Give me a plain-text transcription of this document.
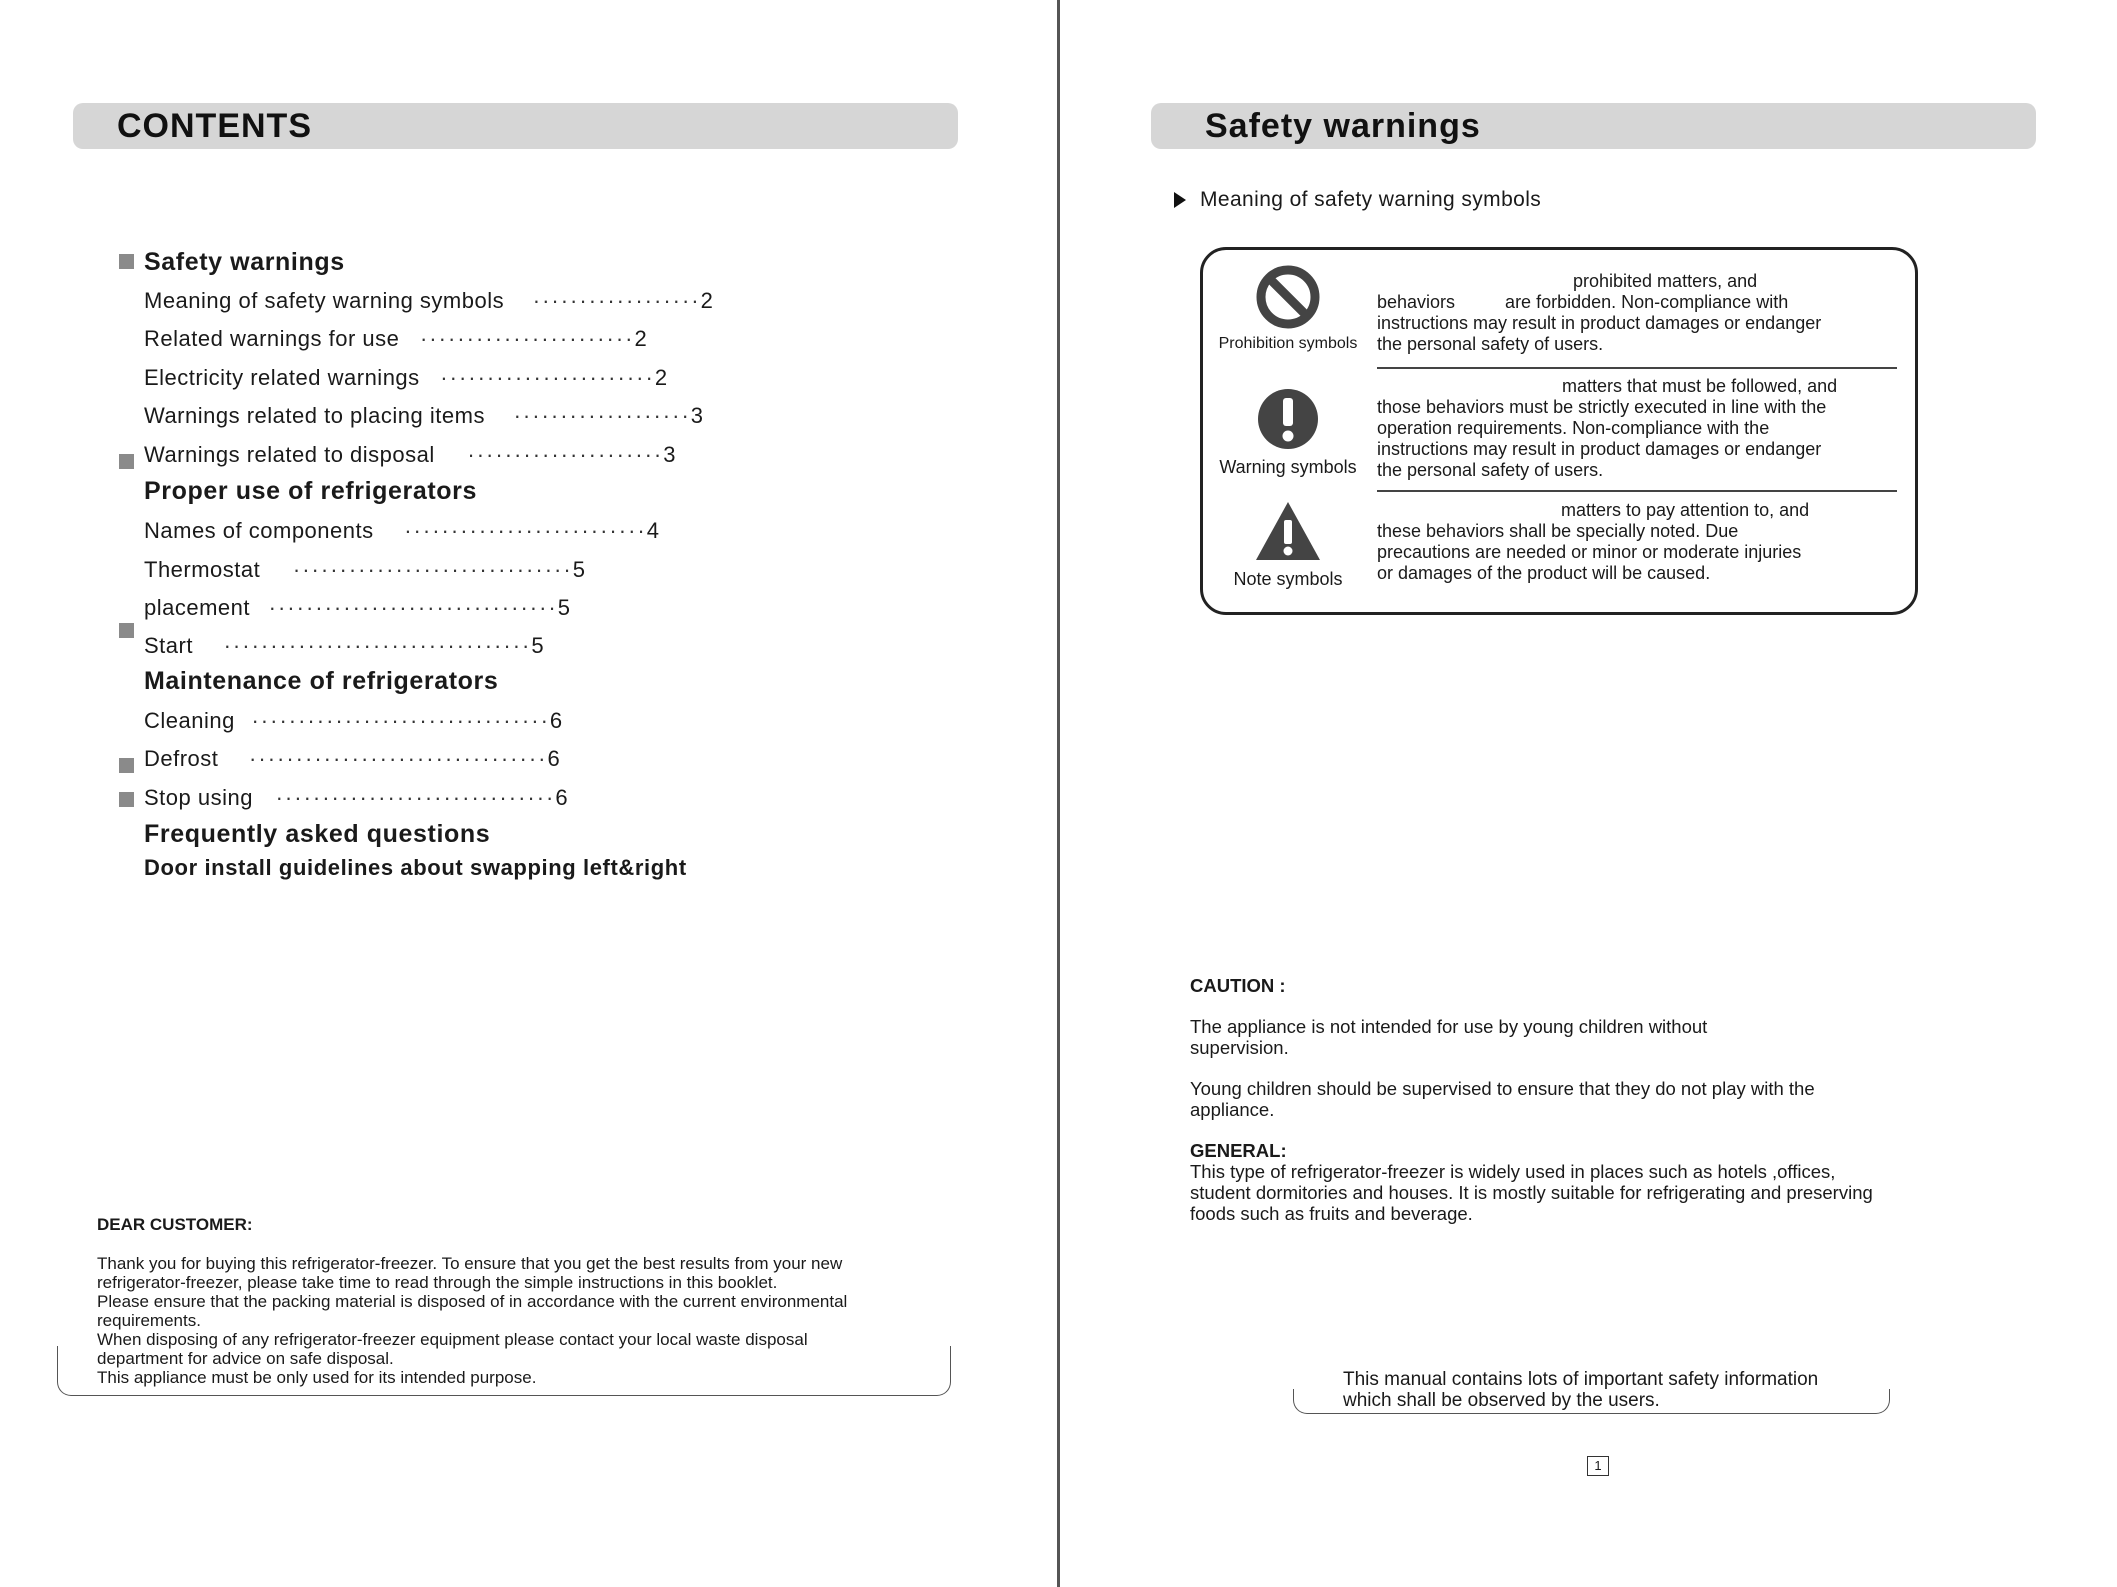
CONTENTS
Safety warnings
Meaning of safety warning symbols ··················2
Related warnings for use ·······················2
Electricity related warnings ·······················2
Warnings related to placing items ···················3
Warnings related to disposal ·····················3
Proper use of refrigerators
Names of components ··························4
Thermostat ······························5
placement ·······························5
Start ·································5
Maintenance of refrigerators
Cleaning ································6
Defrost ································6
Stop using ······························6
Frequently asked questions
Door install guidelines about swapping left&right
DEAR CUSTOMER:

Thank you for buying this refrigerator-freezer. To ensure that you get the best results from your new

refrigerator-freezer, please take time to read through the simple instructions in this booklet.

Please ensure that the packing material is disposed of in accordance with the current environmental

requirements.

When disposing of any refrigerator-freezer equipment please contact your local waste disposal

department for advice on safe disposal.

This appliance must be only used for its intended purpose.

Safety warnings
Meaning of safety warning symbols
Prohibition symbols
prohibited matters, and
behaviors          are forbidden. Non-compliance with
instructions may result in product damages or endanger
the personal safety of users.
Warning symbols
matters that must be followed, and
those behaviors must be strictly executed in line with the
operation requirements. Non-compliance with the
instructions may result in product damages or endanger
the personal safety of users.
Note symbols
matters to pay attention to, and
these behaviors shall be specially noted. Due
precautions are needed or minor or moderate injuries
or damages of the product will be caused.
CAUTION :
The appliance is not intended for use by young children without
supervision.
Young children should be supervised to ensure that they do not play with the
appliance.
GENERAL:
This type of refrigerator-freezer is widely used in places such as hotels ,offices,
student dormitories and houses. It is mostly suitable for refrigerating and preserving
foods such as fruits and beverage.
This manual contains lots of important safety information
which shall be observed by the users.
1
